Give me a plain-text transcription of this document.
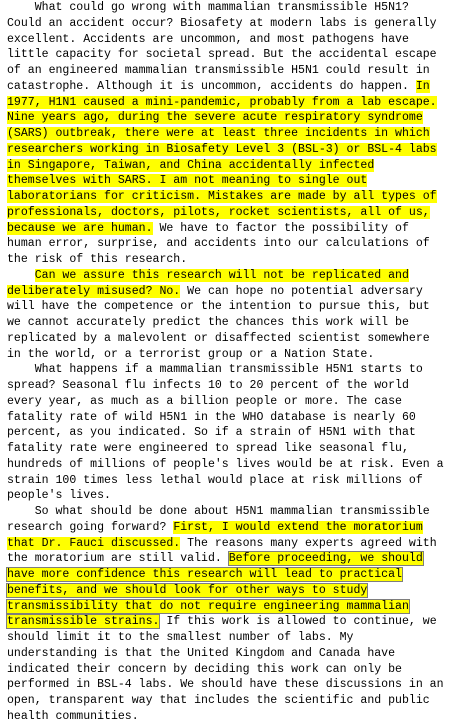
What could go wrong with mammalian transmissible H5N1?
Could an accident occur? Biosafety at modern labs is generally
excellent. Accidents are uncommon, and most pathogens have
little capacity for societal spread. But the accidental escape
of an engineered mammalian transmissible H5N1 could result in
catastrophe. Although it is uncommon, accidents do happen. In
1977, H1N1 caused a mini-pandemic, probably from a lab escape.
Nine years ago, during the severe acute respiratory syndrome
(SARS) outbreak, there were at least three incidents in which
researchers working in Biosafety Level 3 (BSL-3) or BSL-4 labs
in Singapore, Taiwan, and China accidentally infected
themselves with SARS. I am not meaning to single out
laboratorians for criticism. Mistakes are made by all types of
professionals, doctors, pilots, rocket scientists, all of us,
because we are human. We have to factor the possibility of
human error, surprise, and accidents into our calculations of
the risk of this research.
Can we assure this research will not be replicated and
deliberately misused? No. We can hope no potential adversary
will have the competence or the intention to pursue this, but
we cannot accurately predict the chances this work will be
replicated by a malevolent or disaffected scientist somewhere
in the world, or a terrorist group or a Nation State.
What happens if a mammalian transmissible H5N1 starts to
spread? Seasonal flu infects 10 to 20 percent of the world
every year, as much as a billion people or more. The case
fatality rate of wild H5N1 in the WHO database is nearly 60
percent, as you indicated. So if a strain of H5N1 with that
fatality rate were engineered to spread like seasonal flu,
hundreds of millions of people's lives would be at risk. Even a
strain 100 times less lethal would place at risk millions of
people's lives.
So what should be done about H5N1 mammalian transmissible
research going forward? First, I would extend the moratorium
that Dr. Fauci discussed. The reasons many experts agreed with
the moratorium are still valid. Before proceeding, we should
have more confidence this research will lead to practical
benefits, and we should look for other ways to study
transmissibility that do not require engineering mammalian
transmissible strains. If this work is allowed to continue, we
should limit it to the smallest number of labs. My
understanding is that the United Kingdom and Canada have
indicated their concern by deciding this work can only be
performed in BSL-4 labs. We should have these discussions in an
open, transparent way that includes the scientific and public
health communities.
